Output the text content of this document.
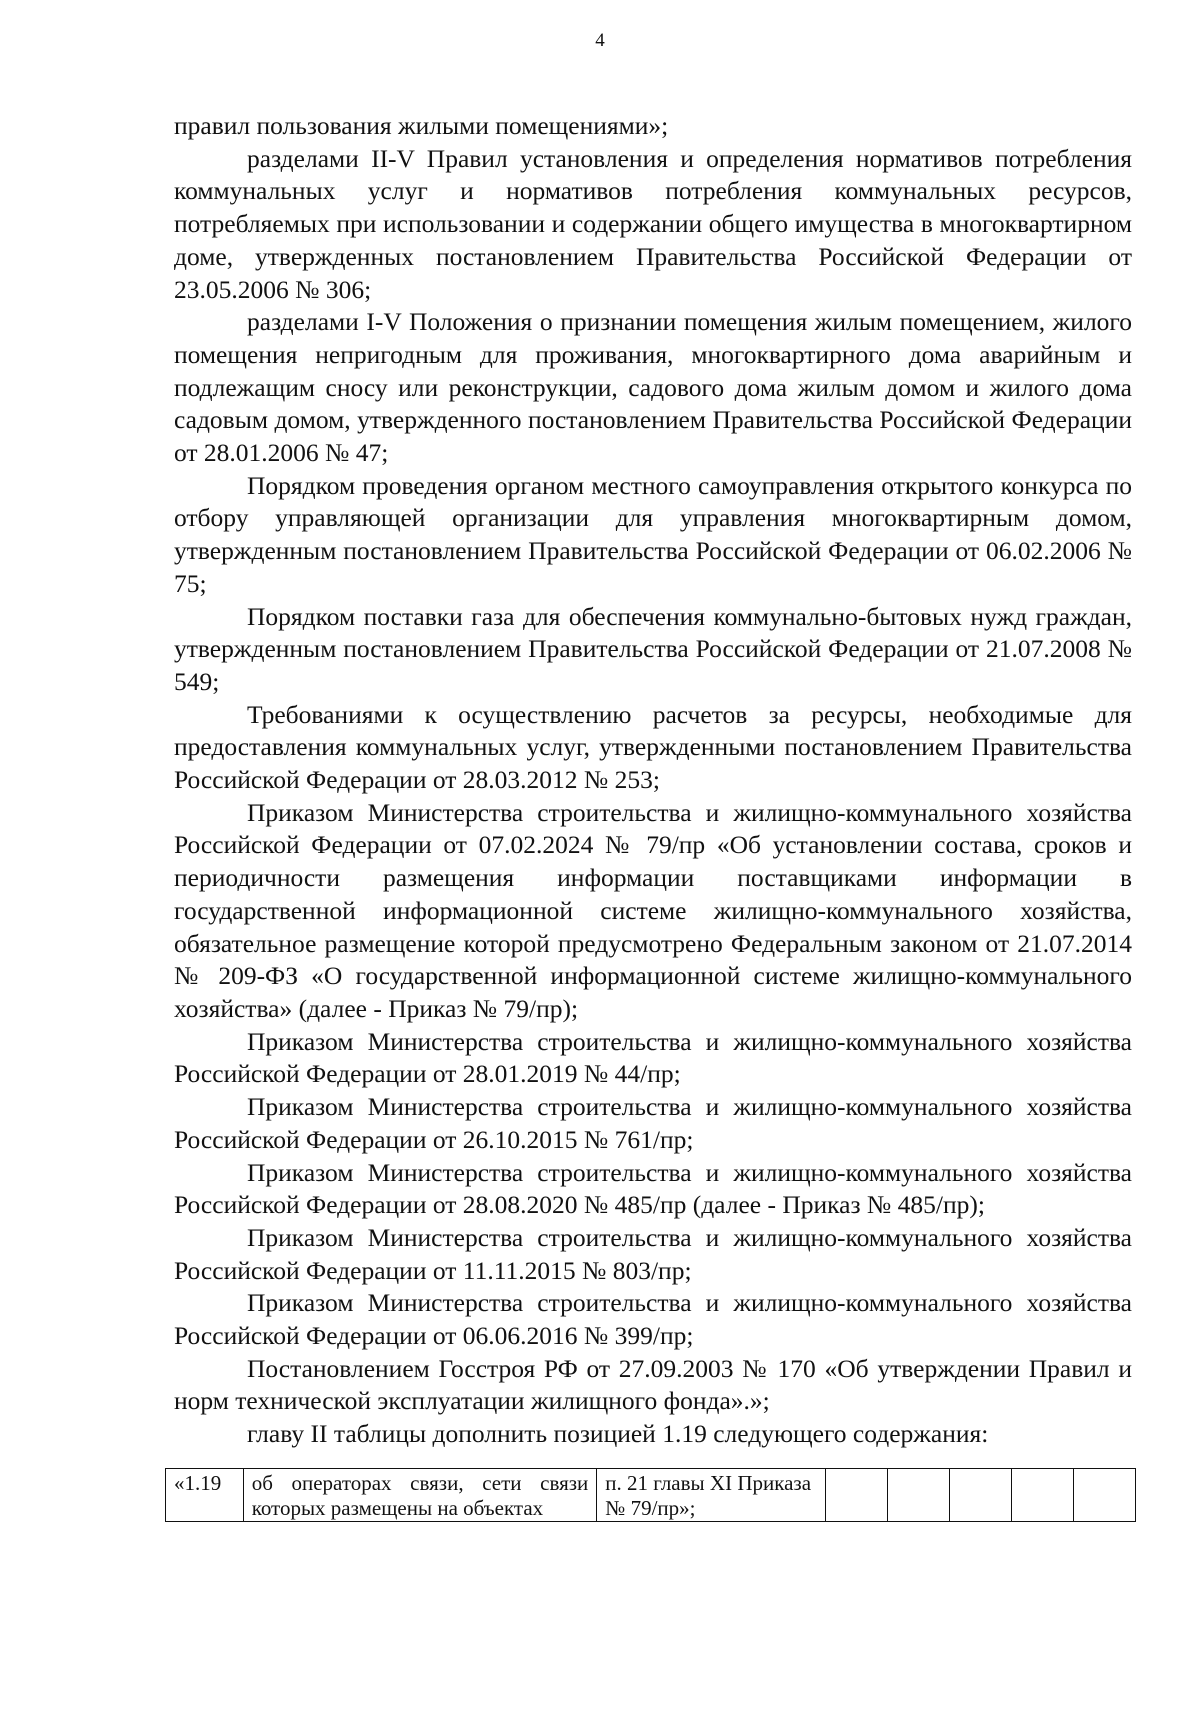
4

правил пользования жилыми помещениями»;

разделами II-V Правил установления и определения нормативов потребления коммунальных услуг и нормативов потребления коммунальных ресурсов, потребляемых при использовании и содержании общего имущества в многоквартирном доме, утвержденных постановлением Правительства Российской Федерации от 23.05.2006 № 306;

разделами I-V Положения о признании помещения жилым помещением, жилого помещения непригодным для проживания, многоквартирного дома аварийным и подлежащим сносу или реконструкции, садового дома жилым домом и жилого дома садовым домом, утвержденного постановлением Правительства Российской Федерации от 28.01.2006 № 47;

Порядком проведения органом местного самоуправления открытого конкурса по отбору управляющей организации для управления многоквартирным домом, утвержденным постановлением Правительства Российской Федерации от 06.02.2006 № 75;

Порядком поставки газа для обеспечения коммунально-бытовых нужд граждан, утвержденным постановлением Правительства Российской Федерации от 21.07.2008 № 549;

Требованиями к осуществлению расчетов за ресурсы, необходимые для предоставления коммунальных услуг, утвержденными постановлением Правительства Российской Федерации от 28.03.2012 № 253;

Приказом Министерства строительства и жилищно-коммунального хозяйства Российской Федерации от 07.02.2024 № 79/пр «Об установлении состава, сроков и периодичности размещения информации поставщиками информации в государственной информационной системе жилищно-коммунального хозяйства, обязательное размещение которой предусмотрено Федеральным законом от 21.07.2014 № 209-ФЗ «О государственной информационной системе жилищно-коммунального хозяйства» (далее - Приказ № 79/пр);

Приказом Министерства строительства и жилищно-коммунального хозяйства Российской Федерации от 28.01.2019 № 44/пр;

Приказом Министерства строительства и жилищно-коммунального хозяйства Российской Федерации от 26.10.2015 № 761/пр;

Приказом Министерства строительства и жилищно-коммунального хозяйства Российской Федерации от 28.08.2020 № 485/пр (далее - Приказ № 485/пр);

Приказом Министерства строительства и жилищно-коммунального хозяйства Российской Федерации от 11.11.2015 № 803/пр;

Приказом Министерства строительства и жилищно-коммунального хозяйства Российской Федерации от 06.06.2016 № 399/пр;

Постановлением Госстроя РФ от 27.09.2003 № 170 «Об утверждении Правил и норм технической эксплуатации жилищного фонда».»;

главу II таблицы дополнить позицией 1.19 следующего содержания:

«1.19	об операторах связи, сети связи которых размещены на объектах	п. 21 главы XI Приказа № 79/пр»;					
